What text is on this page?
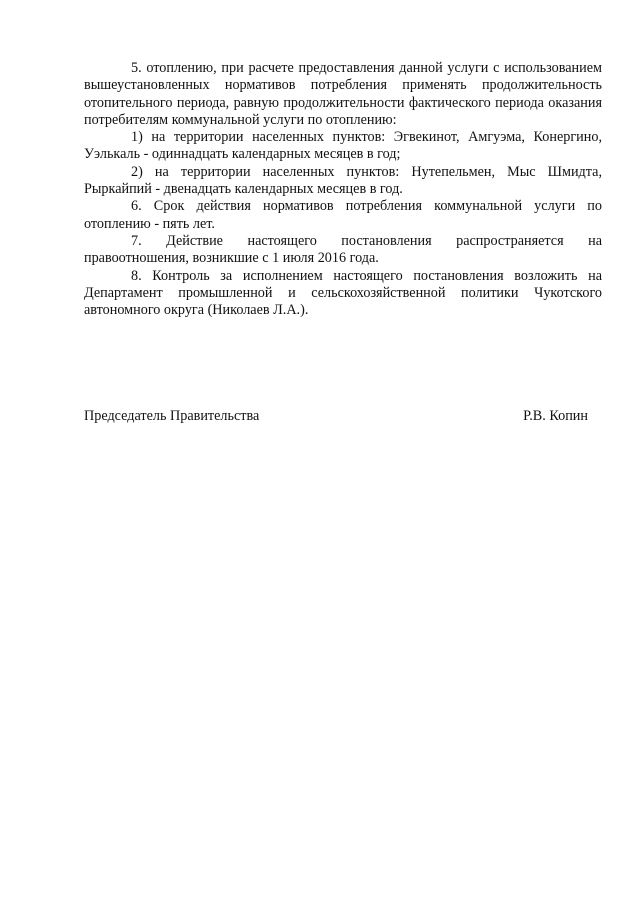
5. отоплению, при расчете предоставления данной услуги с использованием вышеустановленных нормативов потребления применять продолжительность отопительного периода, равную продолжительности фактического периода оказания потребителям коммунальной услуги по отоплению:

1) на территории населенных пунктов: Эгвекинот, Амгуэма, Конергино, Уэлькаль - одиннадцать календарных месяцев в год;

2) на территории населенных пунктов: Нутепельмен, Мыс Шмидта, Рыркайпий - двенадцать календарных месяцев в год.

6. Срок действия нормативов потребления коммунальной услуги по отоплению - пять лет.

7. Действие настоящего постановления распространяется на правоотношения, возникшие с 1 июля 2016 года.

8. Контроль за исполнением настоящего постановления возложить на Департамент промышленной и сельскохозяйственной политики Чукотского автономного округа (Николаев Л.А.).

Председатель Правительства	Р.В. Копин
